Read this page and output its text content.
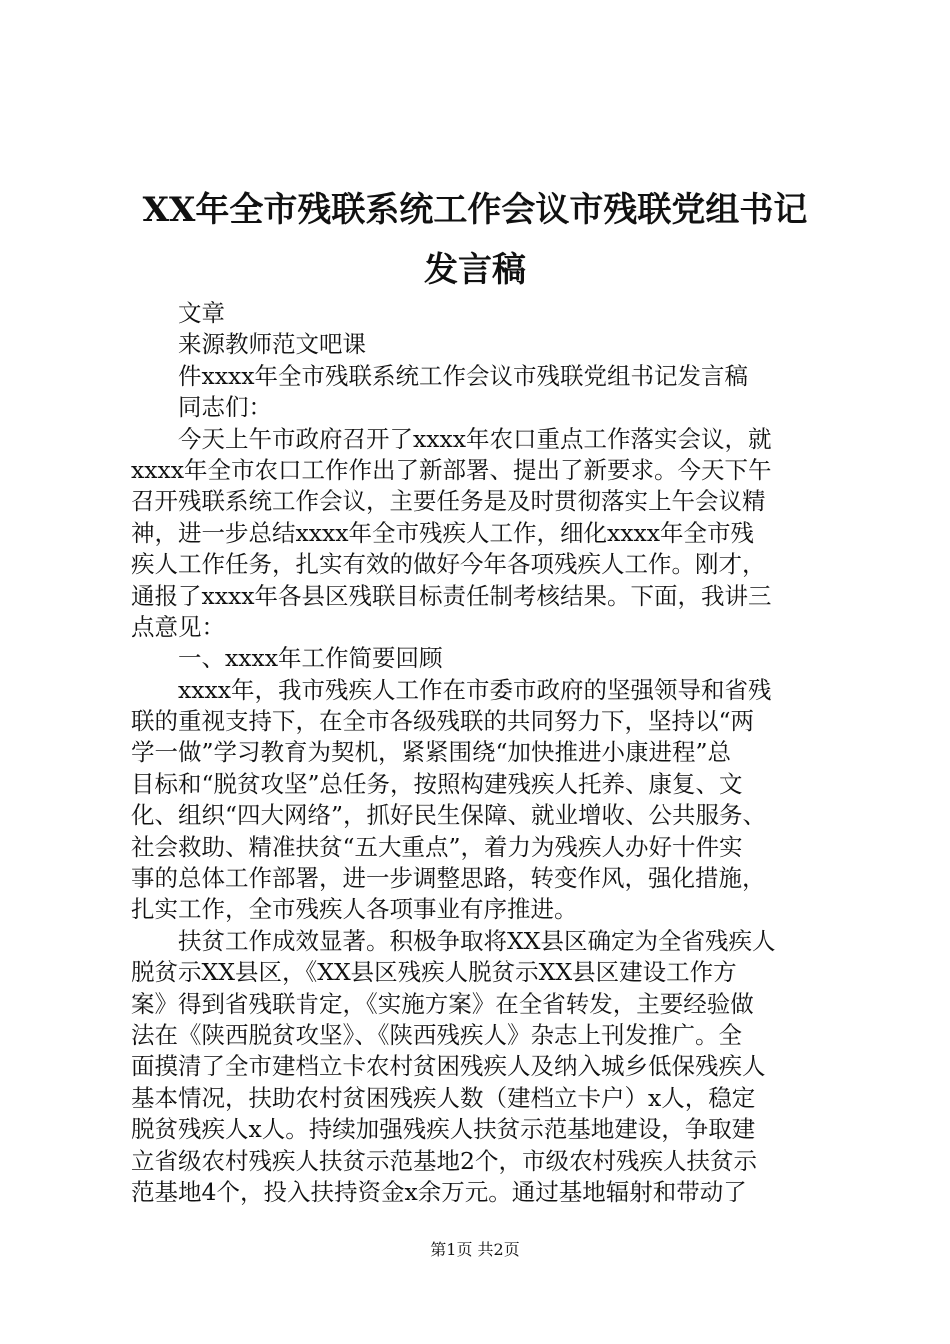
XX年全市残联系统工作会议市残联党组书记
发言稿
文章
来源教师范文吧课
件xxxx年全市残联系统工作会议市残联党组书记发言稿
同志们：
今天上午市政府召开了xxxx年农口重点工作落实会议，就
xxxx年全市农口工作作出了新部署、提出了新要求。今天下午
召开残联系统工作会议，主要任务是及时贯彻落实上午会议精
神，进一步总结xxxx年全市残疾人工作，细化xxxx年全市残
疾人工作任务，扎实有效的做好今年各项残疾人工作。刚才，
通报了xxxx年各县区残联目标责任制考核结果。下面，我讲三
点意见：
一、xxxx年工作简要回顾
xxxx年，我市残疾人工作在市委市政府的坚强领导和省残
联的重视支持下，在全市各级残联的共同努力下，坚持以“两
学一做”学习教育为契机，紧紧围绕“加快推进小康进程”总
目标和“脱贫攻坚”总任务，按照构建残疾人托养、康复、文
化、组织“四大网络”，抓好民生保障、就业增收、公共服务、
社会救助、精准扶贫“五大重点”，着力为残疾人办好十件实
事的总体工作部署，进一步调整思路，转变作风，强化措施，
扎实工作，全市残疾人各项事业有序推进。
扶贫工作成效显著。积极争取将XX县区确定为全省残疾人
脱贫示XX县区，《XX县区残疾人脱贫示XX县区建设工作方
案》得到省残联肯定，《实施方案》在全省转发，主要经验做
法在《陕西脱贫攻坚》、《陕西残疾人》杂志上刊发推广。全
面摸清了全市建档立卡农村贫困残疾人及纳入城乡低保残疾人
基本情况，扶助农村贫困残疾人数（建档立卡户）x人，稳定
脱贫残疾人x人。持续加强残疾人扶贫示范基地建设，争取建
立省级农村残疾人扶贫示范基地2个，市级农村残疾人扶贫示
范基地4个，投入扶持资金x余万元。通过基地辐射和带动了
第1页 共2页
